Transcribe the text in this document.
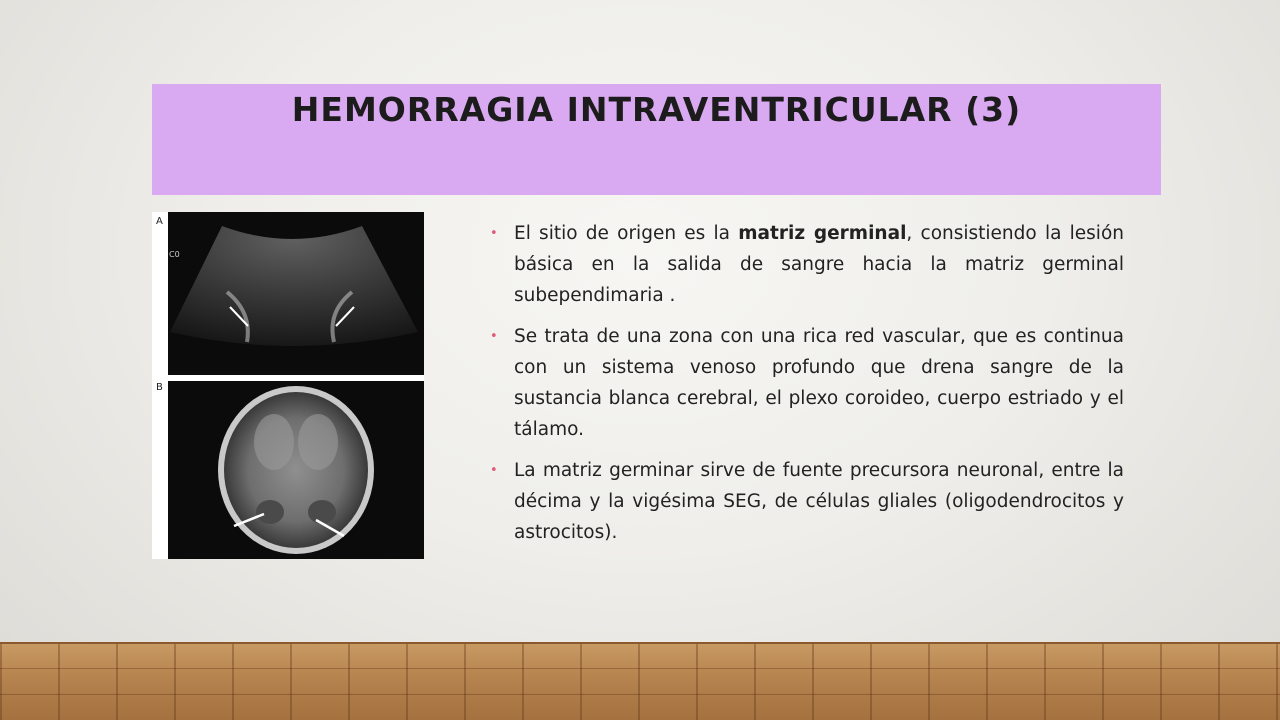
HEMORRAGIA INTRAVENTRICULAR (3)
A
C0
B
• El sitio de origen es la matriz germinal, consistiendo la lesión básica en la salida de sangre hacia la matriz germinal subependimaria .
• Se trata de una zona con una rica red vascular, que es continua con un sistema venoso profundo que drena sangre de la sustancia blanca cerebral, el plexo coroideo, cuerpo estriado y el tálamo.
• La matriz germinar sirve de fuente precursora neuronal, entre la décima y la vigésima SEG, de células gliales (oligodendrocitos y astrocitos).
